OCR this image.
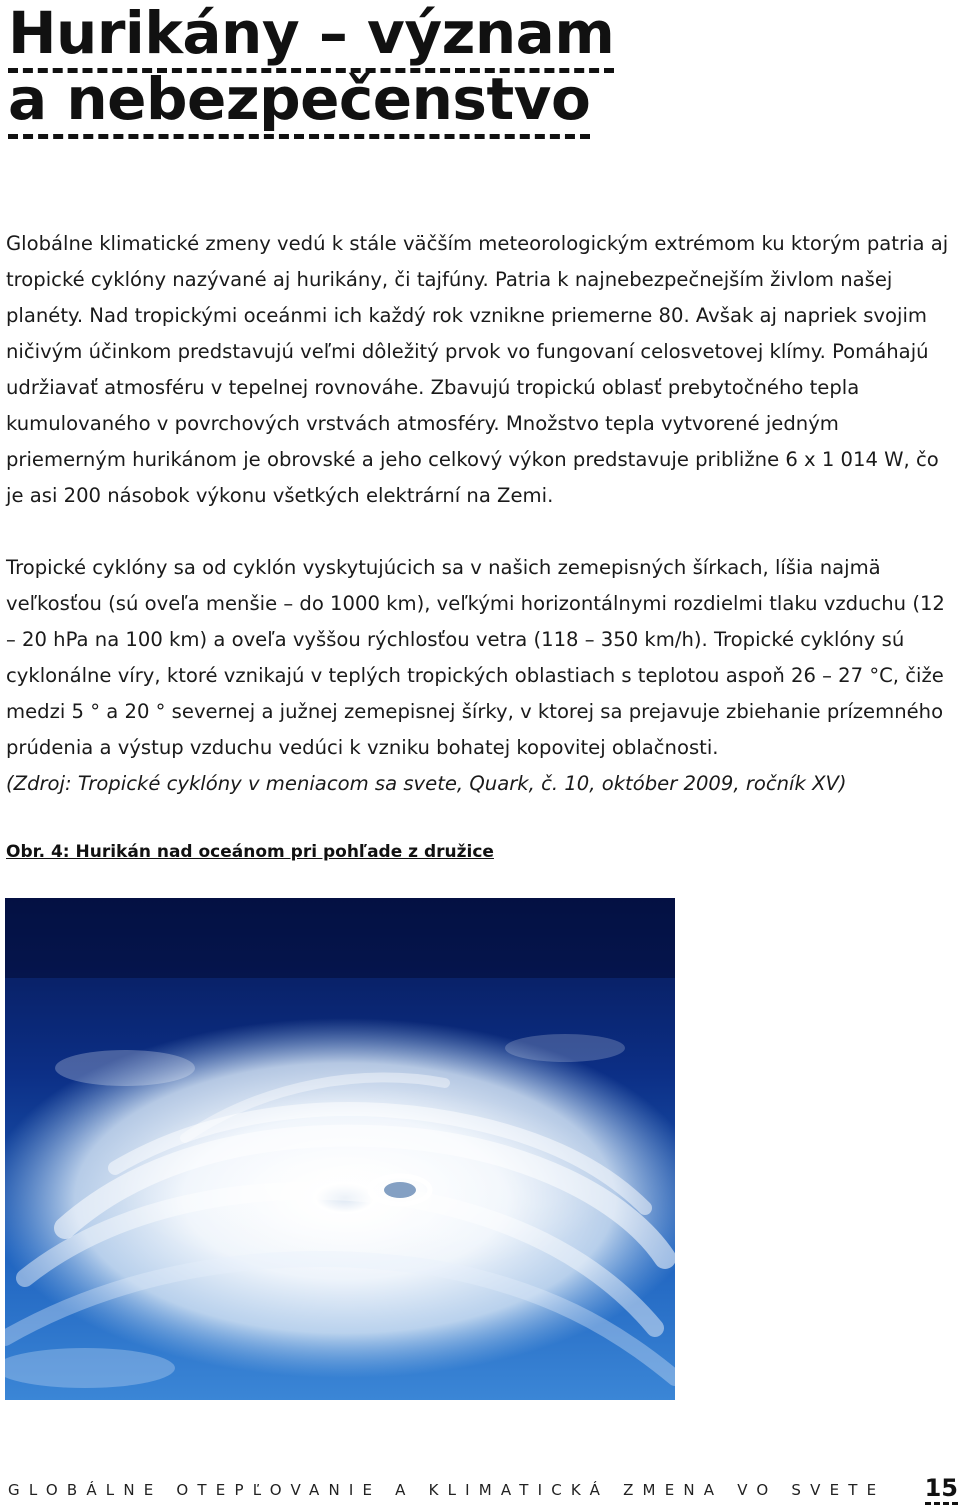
Hurikány – význam
a nebezpečenstvo

Globálne klimatické zmeny vedú k stále väčším meteorologickým extrémom ku ktorým patria aj tropické cyklóny nazývané aj hurikány, či tajfúny. Patria k najnebezpečnejším živlom našej planéty. Nad tropickými oceánmi ich každý rok vznikne priemerne 80. Avšak aj napriek svojim ničivým účinkom predstavujú veľmi dôležitý prvok vo fungovaní celosvetovej klímy. Pomáhajú udržiavať atmosféru v tepelnej rovnováhe. Zbavujú tropickú oblasť prebytočného tepla kumulovaného v povrchových vrstvách atmosféry. Množstvo tepla vytvorené jedným priemerným hurikánom je obrovské a jeho celkový výkon predstavuje približne 6 x 1 014 W, čo je asi 200 násobok výkonu všetkých elektrární na Zemi.

Tropické cyklóny sa od cyklón vyskytujúcich sa v našich zemepisných šírkach, líšia najmä veľkosťou (sú oveľa menšie – do 1000 km), veľkými horizontálnymi rozdielmi tlaku vzduchu (12 – 20 hPa na 100 km) a oveľa vyššou rýchlosťou vetra (118 – 350 km/h). Tropické cyklóny sú cyklonálne víry, ktoré vznikajú v teplých tropických oblastiach s teplotou aspoň 26 – 27 °C, čiže medzi 5 ° a 20 ° severnej a južnej zemepisnej šírky, v ktorej sa prejavuje zbiehanie prízemného prúdenia a výstup vzduchu vedúci k vzniku bohatej kopovitej oblačnosti.
(Zdroj: Tropické cyklóny v meniacom sa svete, Quark, č. 10, október 2009, ročník XV)

Obr. 4: Hurikán nad oceánom pri pohľade z družice
GLOBÁLNE OTEPĽOVANIE A KLIMATICKÁ ZMENA VO SVETE 15
